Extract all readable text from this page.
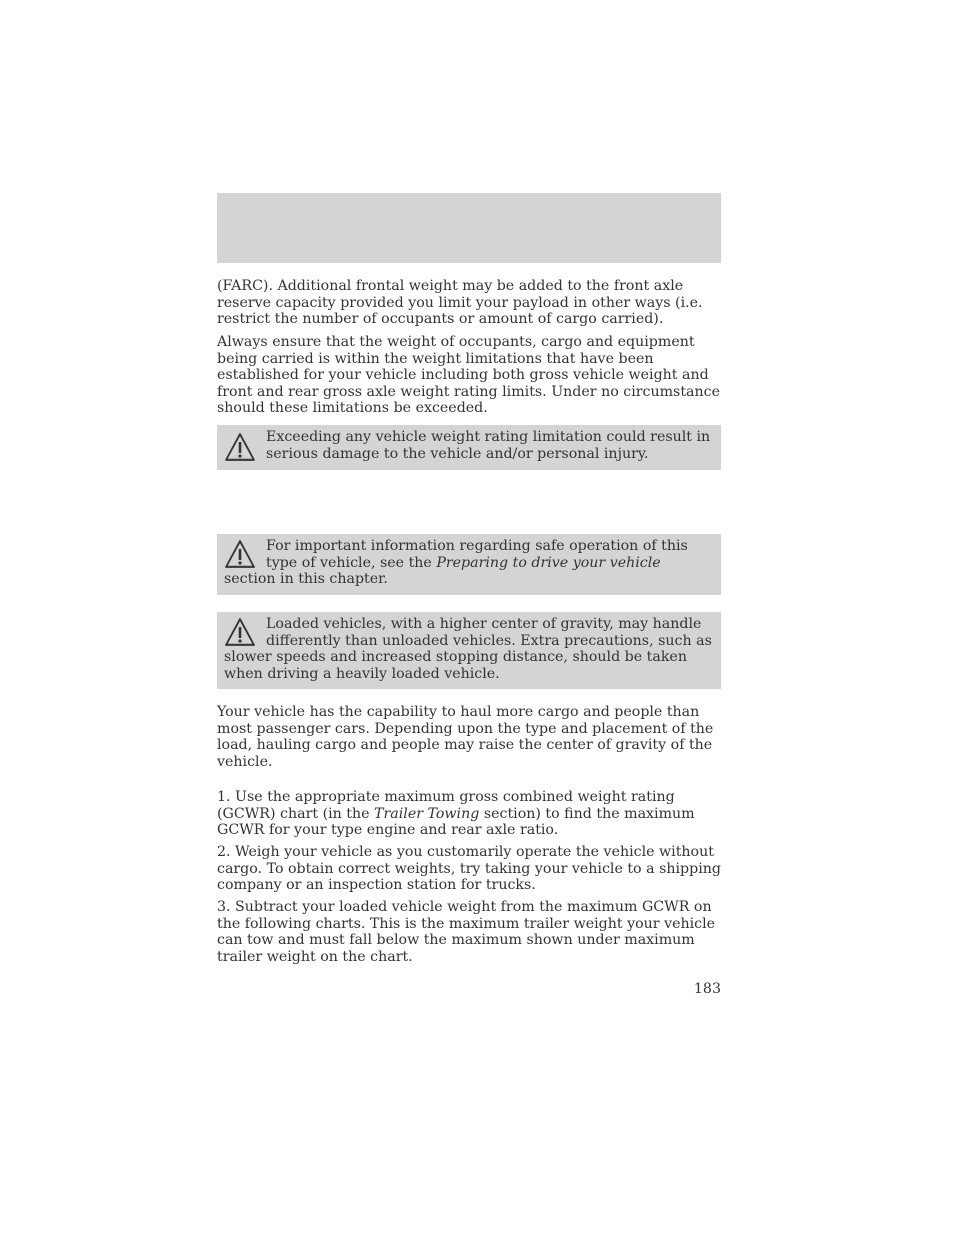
(FARC). Additional frontal weight may be added to the front axle reserve capacity provided you limit your payload in other ways (i.e. restrict the number of occupants or amount of cargo carried).

Always ensure that the weight of occupants, cargo and equipment being carried is within the weight limitations that have been established for your vehicle including both gross vehicle weight and front and rear gross axle weight rating limits. Under no circumstance should these limitations be exceeded.

Exceeding any vehicle weight rating limitation could result in serious damage to the vehicle and/or personal injury.

For important information regarding safe operation of this type of vehicle, see the Preparing to drive your vehicle section in this chapter.

Loaded vehicles, with a higher center of gravity, may handle differently than unloaded vehicles. Extra precautions, such as slower speeds and increased stopping distance, should be taken when driving a heavily loaded vehicle.

Your vehicle has the capability to haul more cargo and people than most passenger cars. Depending upon the type and placement of the load, hauling cargo and people may raise the center of gravity of the vehicle.

1. Use the appropriate maximum gross combined weight rating (GCWR) chart (in the Trailer Towing section) to find the maximum GCWR for your type engine and rear axle ratio.

2. Weigh your vehicle as you customarily operate the vehicle without cargo. To obtain correct weights, try taking your vehicle to a shipping company or an inspection station for trucks.

3. Subtract your loaded vehicle weight from the maximum GCWR on the following charts. This is the maximum trailer weight your vehicle can tow and must fall below the maximum shown under maximum trailer weight on the chart.

183
